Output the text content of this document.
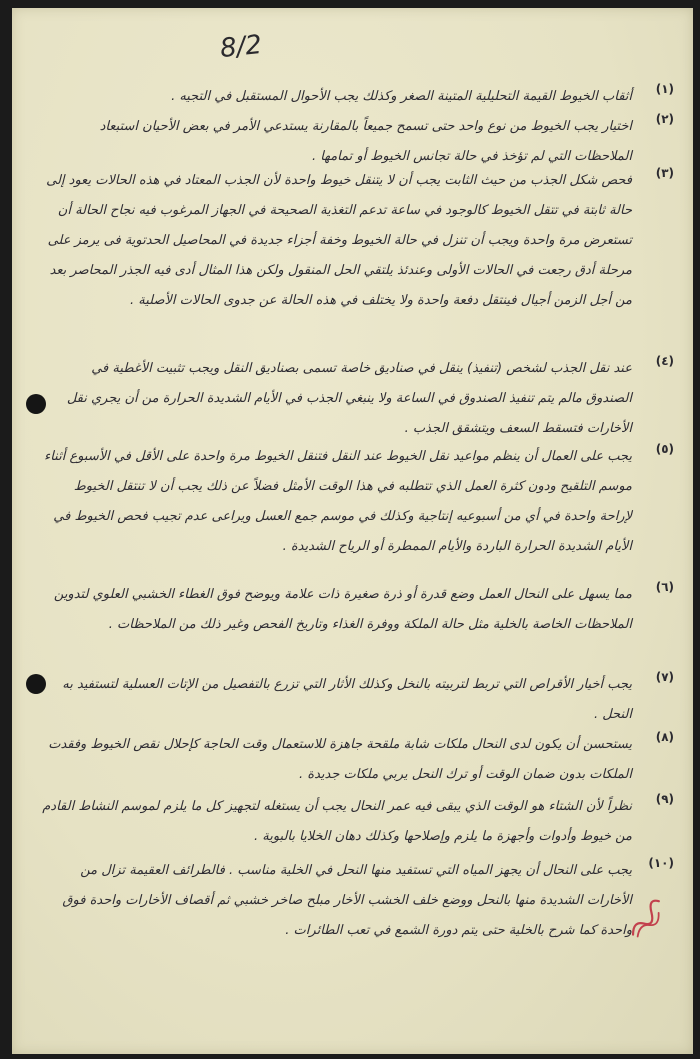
8/2
(١)
أثقاب الخيوط القيمة التحليلية المتينة الصغر وكذلك يجب الأحوال المستقبل في التجيه .
(٢)
اختيار يجب الخيوط من نوع واحد حتى تسمح جميعاً بالمقارنة يستدعي الأمر في بعض الأحيان استبعاد الملاحظات التي لم تؤخذ في حالة تجانس الخيوط أو تمامها .
(٣)
فحص شكل الجذب من حيث الثابت يجب أن لا يتنقل خيوط واحدة لأن الجذب المعتاد في هذه الحالات يعود إلى حالة ثابتة في تتقل الخيوط كالوجود في ساعة تدعم التغذية الصحيحة في الجهاز المرغوب فيه نجاح الحالة أن تستعرض مرة واحدة ويجب أن تنزل في حالة الخيوط وخفة أجزاء جديدة في المحاصيل الحدتوية فى يرمز على مرحلة أدق رجعت في الحالات الأولى وعندئذ يلتقي الحل المنقول ولكن هذا المثال أدى فيه الجذر المحاصر بعد من أجل الزمن أجيال فينتقل دفعة واحدة ولا يختلف في هذه الحالة عن جدوى الحالات الأصلية .
(٤)
عند نقل الجذب لشخص (تنفيذ) ينقل في صناديق خاصة تسمى بصناديق النقل ويجب تثبيت الأغطية في الصندوق مالم يتم تنفيذ الصندوق في الساعة ولا ينبغي الجذب في الأيام الشديدة الحرارة من أن يجري نقل الأخارات فتسقط السعف ويتشقق الجذب .
(٥)
يجب على العمال أن ينظم مواعيد نقل الخيوط عند النقل فتنقل الخيوط مرة واحدة على الأقل في الأسبوع أثناء موسم التلقيح ودون كثرة العمل الذي تتطلبه في هذا الوقت الأمثل فضلاً عن ذلك يجب أن لا تنتقل الخيوط لإراحة واحدة في أي من أسبوعيه إنتاجية وكذلك في موسم جمع العسل ويراعى عدم تجيب فحص الخيوط في الأيام الشديدة الحرارة الباردة والأيام الممطرة أو الرياح الشديدة .
(٦)
مما يسهل على النحال العمل وضع قدرة أو ذرة صغيرة ذات علامة ويوضح فوق الغطاء الخشبي العلوي لتدوين الملاحظات الخاصة بالخلية مثل حالة الملكة ووفرة الغذاء وتاريخ الفحص وغير ذلك من الملاحظات .
(٧)
يجب أخيار الأقراص التي تربط لتربيته بالنخل وكذلك الأثار التي تزرع بالتفصيل من الإتات العسلية لتستفيد به النحل .
(٨)
يستحسن أن يكون لدى النحال ملكات شابة ملقحة جاهزة للاستعمال وقت الحاجة كإحلال نقص الخيوط وفقدت الملكات بدون ضمان الوقت أو ترك النحل يربي ملكات جديدة .
(٩)
نظراً لأن الشتاء هو الوقت الذي يبقى فيه عمر النحال يجب أن يستغله لتجهيز كل ما يلزم لموسم النشاط القادم من خيوط وأدوات وأجهزة ما يلزم وإصلاحها وكذلك دهان الخلايا بالبوية .
(١٠)
يجب على النحال أن يجهز المياه التي تستفيد منها النحل في الخلية مناسب . فالطرائف العقيمة تزال من الأخارات الشديدة منها بالنحل ووضع خلف الخشب الأخار مبلح صاخر خشبي ثم أقصاف الأخارات واحدة فوق واحدة كما شرح بالخلية حتى يتم دورة الشمع في تعب الطائرات .
